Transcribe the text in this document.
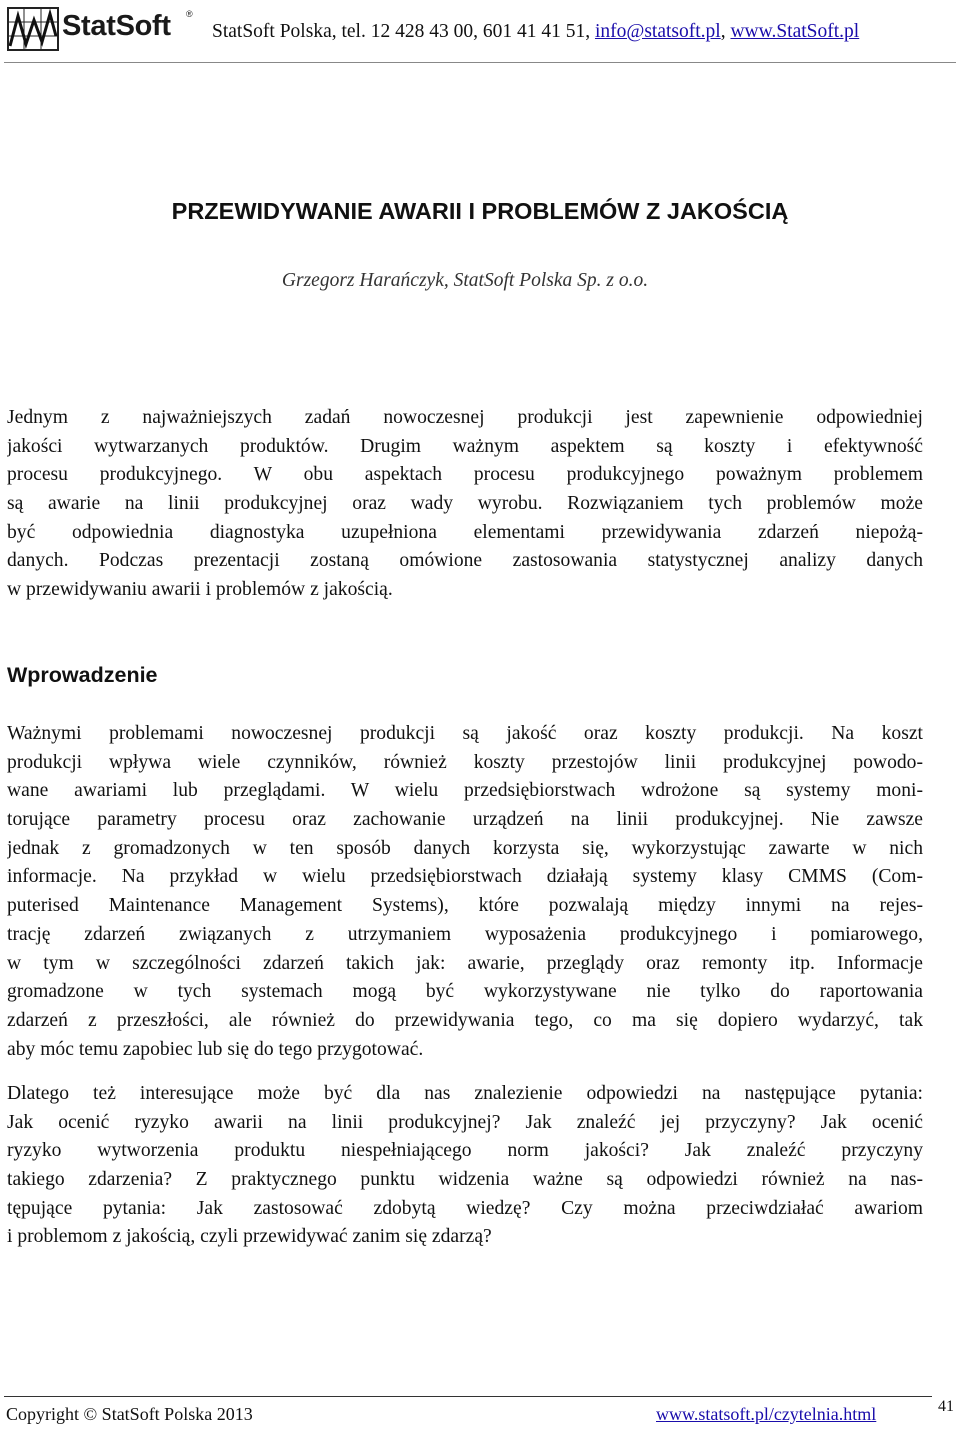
StatSoft ®
StatSoft Polska, tel. 12 428 43 00, 601 41 41 51, info@statsoft.pl, www.StatSoft.pl
PRZEWIDYWANIE AWARII I PROBLEMÓW Z JAKOŚCIĄ
Grzegorz Harańczyk, StatSoft Polska Sp. z o.o.
Jednym z najważniejszych zadań nowoczesnej produkcji jest zapewnienie odpowiedniej
jakości wytwarzanych produktów. Drugim ważnym aspektem są koszty i efektywność
procesu produkcyjnego. W obu aspektach procesu produkcyjnego poważnym problemem
są awarie na linii produkcyjnej oraz wady wyrobu. Rozwiązaniem tych problemów może
być odpowiednia diagnostyka uzupełniona elementami przewidywania zdarzeń niepożą-
danych. Podczas prezentacji zostaną omówione zastosowania statystycznej analizy danych
w przewidywaniu awarii i problemów z jakością.
Wprowadzenie
Ważnymi problemami nowoczesnej produkcji są jakość oraz koszty produkcji. Na koszt
produkcji wpływa wiele czynników, również koszty przestojów linii produkcyjnej powodo-
wane awariami lub przeglądami. W wielu przedsiębiorstwach wdrożone są systemy moni-
torujące parametry procesu oraz zachowanie urządzeń na linii produkcyjnej. Nie zawsze
jednak z gromadzonych w ten sposób danych korzysta się, wykorzystując zawarte w nich
informacje. Na przykład w wielu przedsiębiorstwach działają systemy klasy CMMS (Com-
puterised Maintenance Management Systems), które pozwalają między innymi na rejes-
trację zdarzeń związanych z utrzymaniem wyposażenia produkcyjnego i pomiarowego,
w tym w szczególności zdarzeń takich jak: awarie, przeglądy oraz remonty itp. Informacje
gromadzone w tych systemach mogą być wykorzystywane nie tylko do raportowania
zdarzeń z przeszłości, ale również do przewidywania tego, co ma się dopiero wydarzyć, tak
aby móc temu zapobiec lub się do tego przygotować.
Dlatego też interesujące może być dla nas znalezienie odpowiedzi na następujące pytania:
Jak ocenić ryzyko awarii na linii produkcyjnej? Jak znaleźć jej przyczyny? Jak ocenić
ryzyko wytworzenia produktu niespełniającego norm jakości? Jak znaleźć przyczyny
takiego zdarzenia? Z praktycznego punktu widzenia ważne są odpowiedzi również na nas-
tępujące pytania: Jak zastosować zdobytą wiedzę? Czy można przeciwdziałać awariom
i problemom z jakością, czyli przewidywać zanim się zdarzą?
Copyright © StatSoft Polska 2013	www.statsoft.pl/czytelnia.html	41
